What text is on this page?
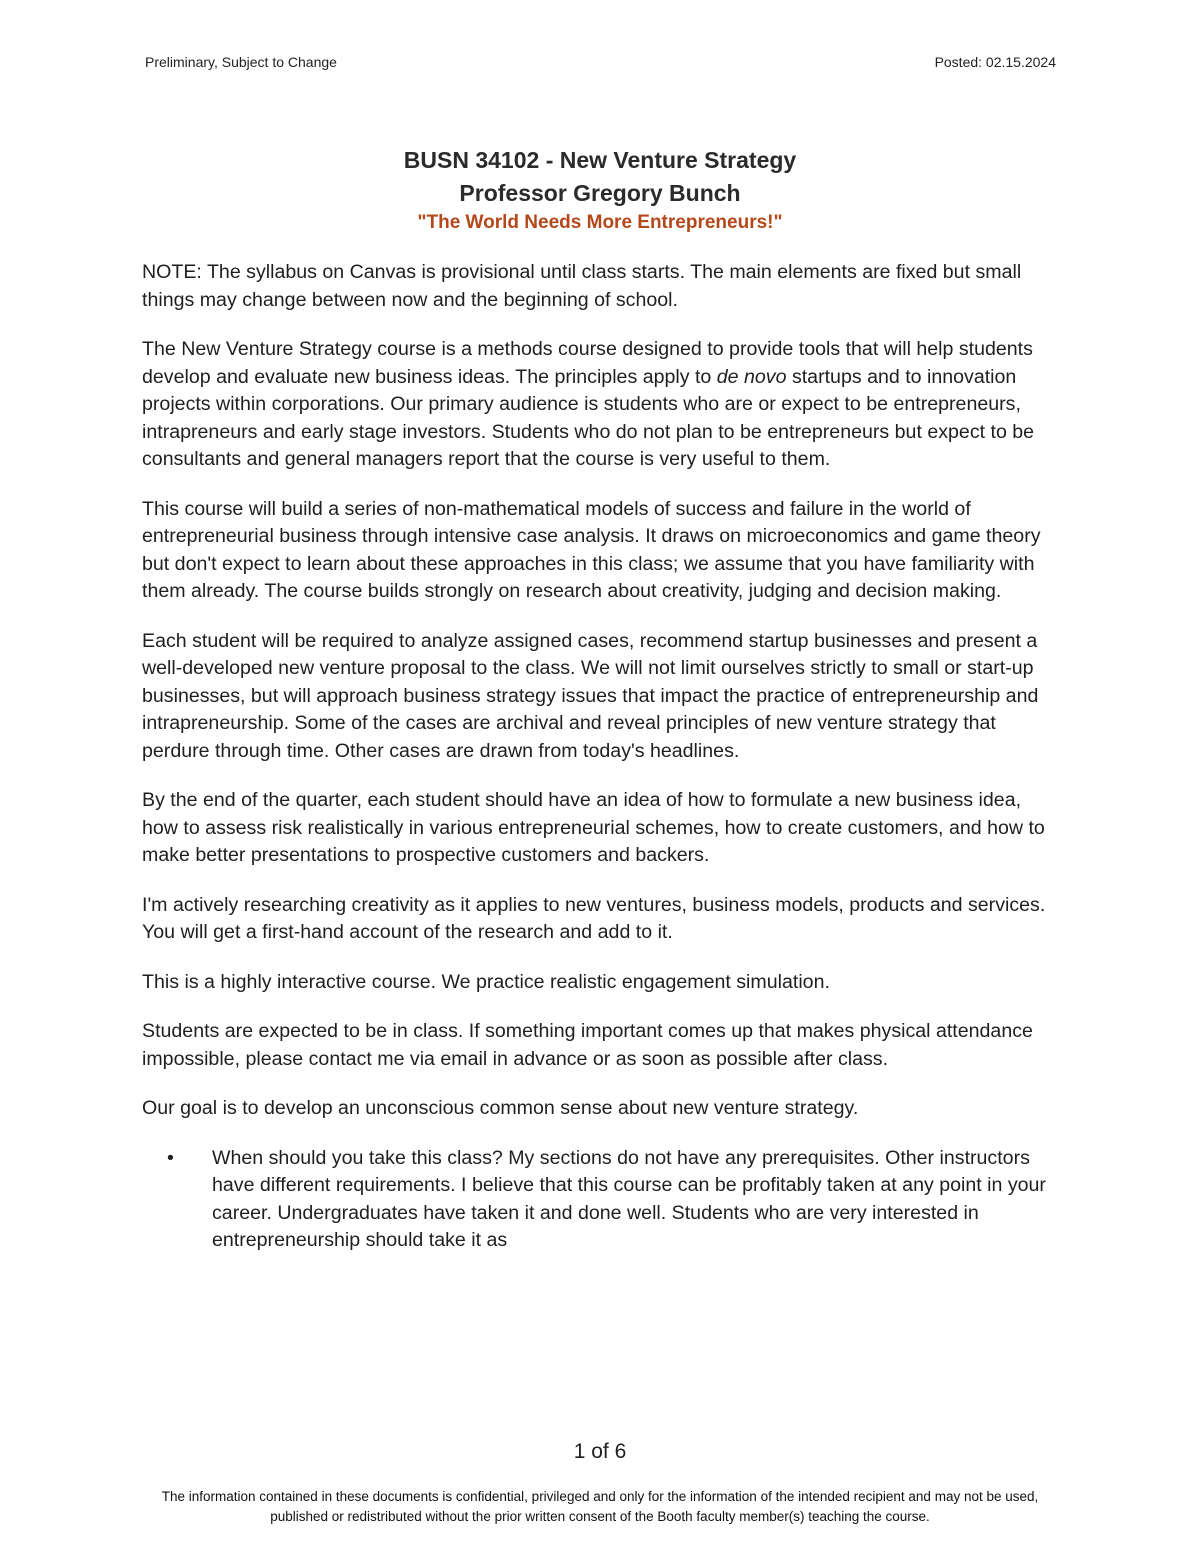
Preliminary, Subject to Change	Posted: 02.15.2024
BUSN 34102 - New Venture Strategy
Professor Gregory Bunch
"The World Needs More Entrepreneurs!"

NOTE: The syllabus on Canvas is provisional until class starts. The main elements are fixed but small things may change between now and the beginning of school.

The New Venture Strategy course is a methods course designed to provide tools that will help students develop and evaluate new business ideas. The principles apply to de novo startups and to innovation projects within corporations. Our primary audience is students who are or expect to be entrepreneurs, intrapreneurs and early stage investors. Students who do not plan to be entrepreneurs but expect to be consultants and general managers report that the course is very useful to them.

This course will build a series of non-mathematical models of success and failure in the world of entrepreneurial business through intensive case analysis. It draws on microeconomics and game theory but don't expect to learn about these approaches in this class; we assume that you have familiarity with them already. The course builds strongly on research about creativity, judging and decision making.

Each student will be required to analyze assigned cases, recommend startup businesses and present a well-developed new venture proposal to the class. We will not limit ourselves strictly to small or start-up businesses, but will approach business strategy issues that impact the practice of entrepreneurship and intrapreneurship. Some of the cases are archival and reveal principles of new venture strategy that perdure through time. Other cases are drawn from today's headlines.

By the end of the quarter, each student should have an idea of how to formulate a new business idea, how to assess risk realistically in various entrepreneurial schemes, how to create customers, and how to make better presentations to prospective customers and backers.

I'm actively researching creativity as it applies to new ventures, business models, products and services. You will get a first-hand account of the research and add to it.

This is a highly interactive course. We practice realistic engagement simulation.

Students are expected to be in class. If something important comes up that makes physical attendance impossible, please contact me via email in advance or as soon as possible after class.

Our goal is to develop an unconscious common sense about new venture strategy.

• When should you take this class? My sections do not have any prerequisites. Other instructors have different requirements. I believe that this course can be profitably taken at any point in your career. Undergraduates have taken it and done well. Students who are very interested in entrepreneurship should take it as
1 of 6
The information contained in these documents is confidential, privileged and only for the information of the intended recipient and may not be used,
published or redistributed without the prior written consent of the Booth faculty member(s) teaching the course.
